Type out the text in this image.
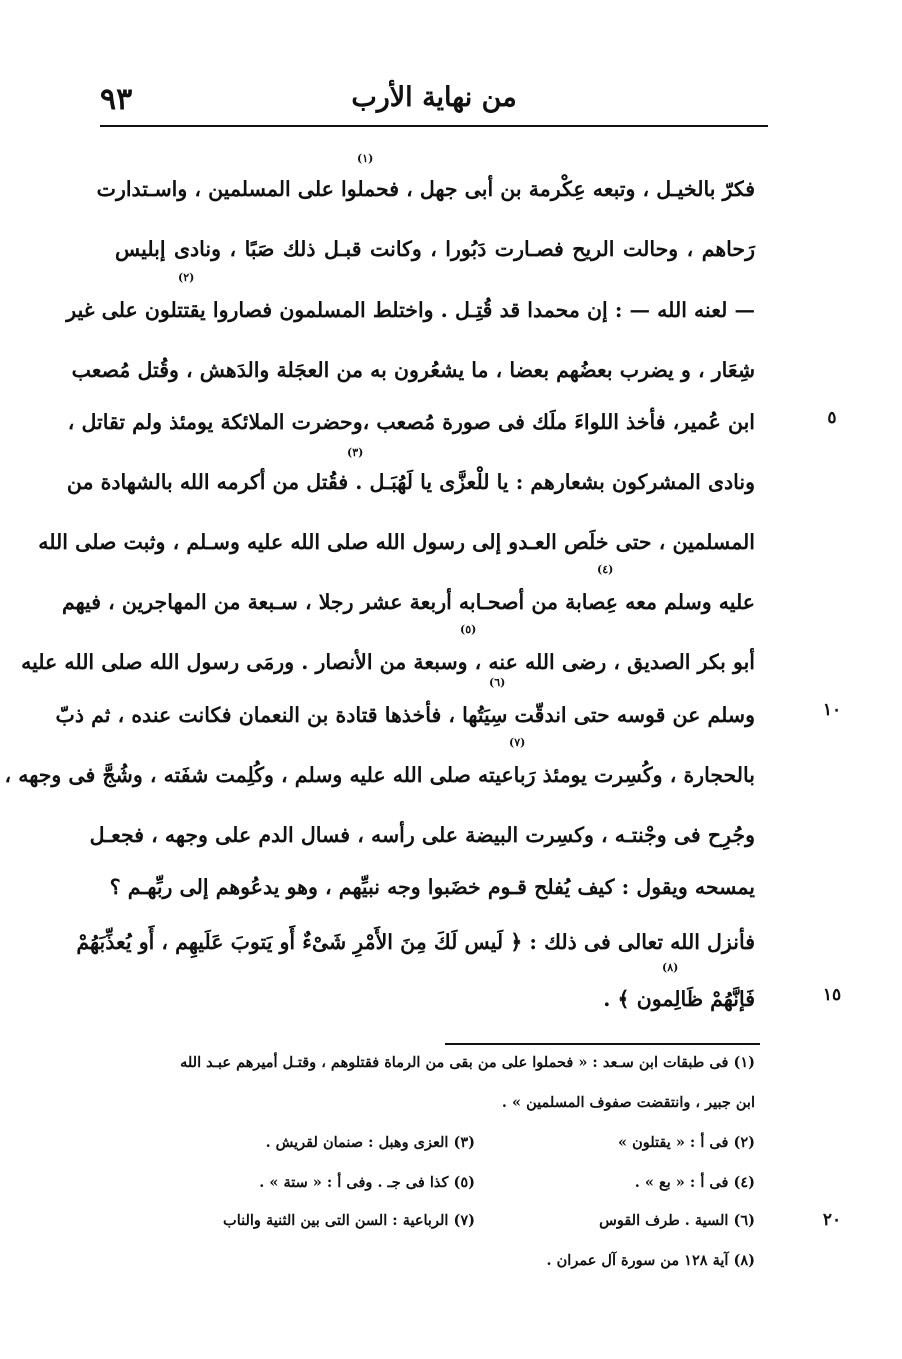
٩٣	من نهاية الأرب
فكرّ بالخيـل ، وتبعه عِكْرمة بن أبى جهل ، فحملوا على المسلمين ، واسـتدارت
رَحاهم ، وحالت الريح فصـارت دَبُورا ، وكانت قبـل ذلك صَبًا ، ونادى إبليس
— لعنه الله — : إن محمدا قد قُتِـل . واختلط المسلمون فصاروا يقتتلون على غير
شِعَار ، و يضرب بعضُهم بعضا ، ما يشعُرون به من العجَلة والدَهش ، وقُتل مُصعب
ابن عُمير، فأخذ اللواءَ ملَك فى صورة مُصعب ،وحضرت الملائكة يومئذ ولم تقاتل ،
ونادى المشركون بشعارهم : يا للْعزَّى يا لَهُبَـل . فقُتل من أكرمه الله بالشهادة من
المسلمين ، حتى خلَص العـدو إلى رسول الله صلى الله عليه وسـلم ، وثبت صلى الله
عليه وسلم معه عِصابة من أصحـابه أربعة عشر رجلا ، سـبعة من المهاجرين ، فيهم
أبو بكر الصديق ، رضى الله عنه ، وسبعة من الأنصار . ورمَى رسول الله صلى الله عليه
وسلم عن قوسه حتى اندقّت سِيَتُها ، فأخذها قتادة بن النعمان فكانت عنده ، ثم ذبّ
بالحجارة ، وكُسِرت يومئذ رَباعيته صلى الله عليه وسلم ، وكُلِمت شفَته ، وشُجَّ فى وجهه ،
وجُرِح فى وجْنتـه ، وكسِرت البيضة على رأسه ، فسال الدم على وجهه ، فجعـل
يمسحه ويقول : كيف يُفلح قـوم خضَبوا وجه نبيِّهم ، وهو يدعُوهم إلى ربِّهـم ؟
فأنزل الله تعالى فى ذلك : ﴿ لَيس لَكَ مِنَ الأَمْرِ شَىْءٌ أَو يَتوبَ عَلَيهِم ، أَو يُعذِّبَهُمْ
فَإنَّهُمْ ظَالِمون ﴾ .
٥
١٠
١٥
٢٠
(١) فى طبقات ابن سـعد : « فحملوا على من بقى من الرماة فقتلوهم ، وقتـل أميرهم عبـد الله
ابن جبير ، وانتقضت صفوف المسلمين » .
(٢) فى أ : « يقتلون »
(٣) العزى وهبل : صنمان لقريش .
(٤) فى أ : « بع » .
(٥) كذا فى جـ . وفى أ : « ستة » .
(٦) السية . طرف القوس
(٧) الرباعية : السن التى بين الثنية والناب
(٨) آية ١٢٨ من سورة آل عمران .
(١)
(٢)
(٣)
(٤)
(٥)
(٦)
(٧)
(٨)
